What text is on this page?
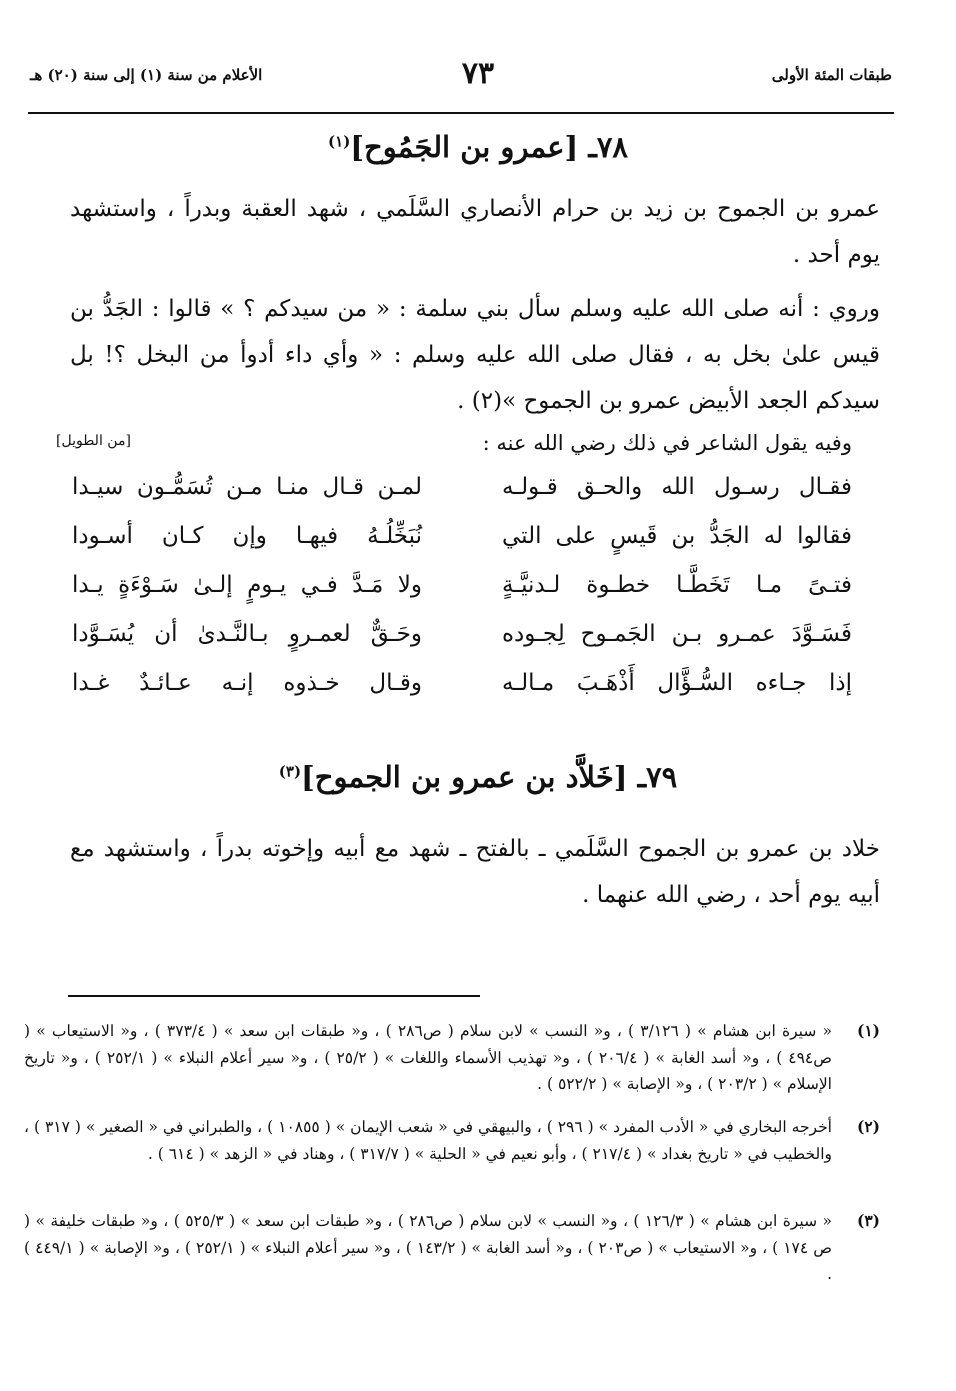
طبقات المئة الأولى
٧٣
الأعلام من سنة (١) إلى سنة (٢٠) هـ
٧٨ـ [عمرو بن الجَمُوح]$^{(١)}$
عمرو بن الجموح بن زيد بن حرام الأنصاري السَّلَمي ، شهد العقبة وبدراً ، واستشهد يوم أحد .
وروي : أنه صلى الله عليه وسلم سأل بني سلمة : « من سيدكم ؟ » قالوا : الجَدُّ بن قيس علىٰ بخل به ، فقال صلى الله عليه وسلم : « وأي داء أدوأ من البخل ؟! بل سيدكم الجعد الأبيض عمرو بن الجموح »(٢) .
وفيه يقول الشاعر في ذلك رضي الله عنه :
[من الطويل]
فقـال رسـول الله والحـق قـولـه
لمـن قـال منـا مـن تُسَمُّـون سيـدا
فقالوا له الجَدُّ بن قَيسٍ على التي
نُبَخِّلُـهُ فيهـا وإن كـان أسـودا
فتـىً مـا تَخَطَّـا خطـوة لـدنيَّـةٍ
ولا مَـدَّ فـي يـومٍ إلـىٰ سَـوْءَةٍ يـدا
فَسَـوَّدَ عمـرو بـن الجَمـوح لِجـوده
وحَـقٌّ لعمـروٍ بـالنَّـدىٰ أن يُسَـوَّدا
إذا جـاءه السُّـؤَّال أَذْهَـبَ مـالـه
وقـال خـذوه إنـه عـائـدٌ غـدا
٧٩ـ [خَلاَّد بن عمرو بن الجموح]$^{(٣)}$
خلاد بن عمرو بن الجموح السَّلَمي ـ بالفتح ـ شهد مع أبيه وإخوته بدراً ، واستشهد مع أبيه يوم أحد ، رضي الله عنهما .
(١)
« سيرة ابن هشام » ( ٣/١٢٦ ) ، و« النسب » لابن سلام ( ص٢٨٦ ) ، و« طبقات ابن سعد » ( ٣٧٣/٤ ) ، و« الاستيعاب » ( ص٤٩٤ ) ، و« أسد الغابة » ( ٢٠٦/٤ ) ، و« تهذيب الأسماء واللغات » ( ٢٥/٢ ) ، و« سير أعلام النبلاء » ( ٢٥٢/١ ) ، و« تاريخ الإسلام » ( ٢٠٣/٢ ) ، و« الإصابة » ( ٥٢٢/٢ ) .
(٢)
أخرجه البخاري في « الأدب المفرد » ( ٢٩٦ ) ، والبيهقي في « شعب الإيمان » ( ١٠٨٥٥ ) ، والطبراني في « الصغير » ( ٣١٧ ) ، والخطيب في « تاريخ بغداد » ( ٢١٧/٤ ) ، وأبو نعيم في « الحلية » ( ٣١٧/٧ ) ، وهناد في « الزهد » ( ٦١٤ ) .
(٣)
« سيرة ابن هشام » ( ١٢٦/٣ ) ، و« النسب » لابن سلام ( ص٢٨٦ ) ، و« طبقات ابن سعد » ( ٥٢٥/٣ ) ، و« طبقات خليفة » ( ص ١٧٤ ) ، و« الاستيعاب » ( ص٢٠٣ ) ، و« أسد الغابة » ( ١٤٣/٢ ) ، و« سير أعلام النبلاء » ( ٢٥٢/١ ) ، و« الإصابة » ( ٤٤٩/١ ) .
